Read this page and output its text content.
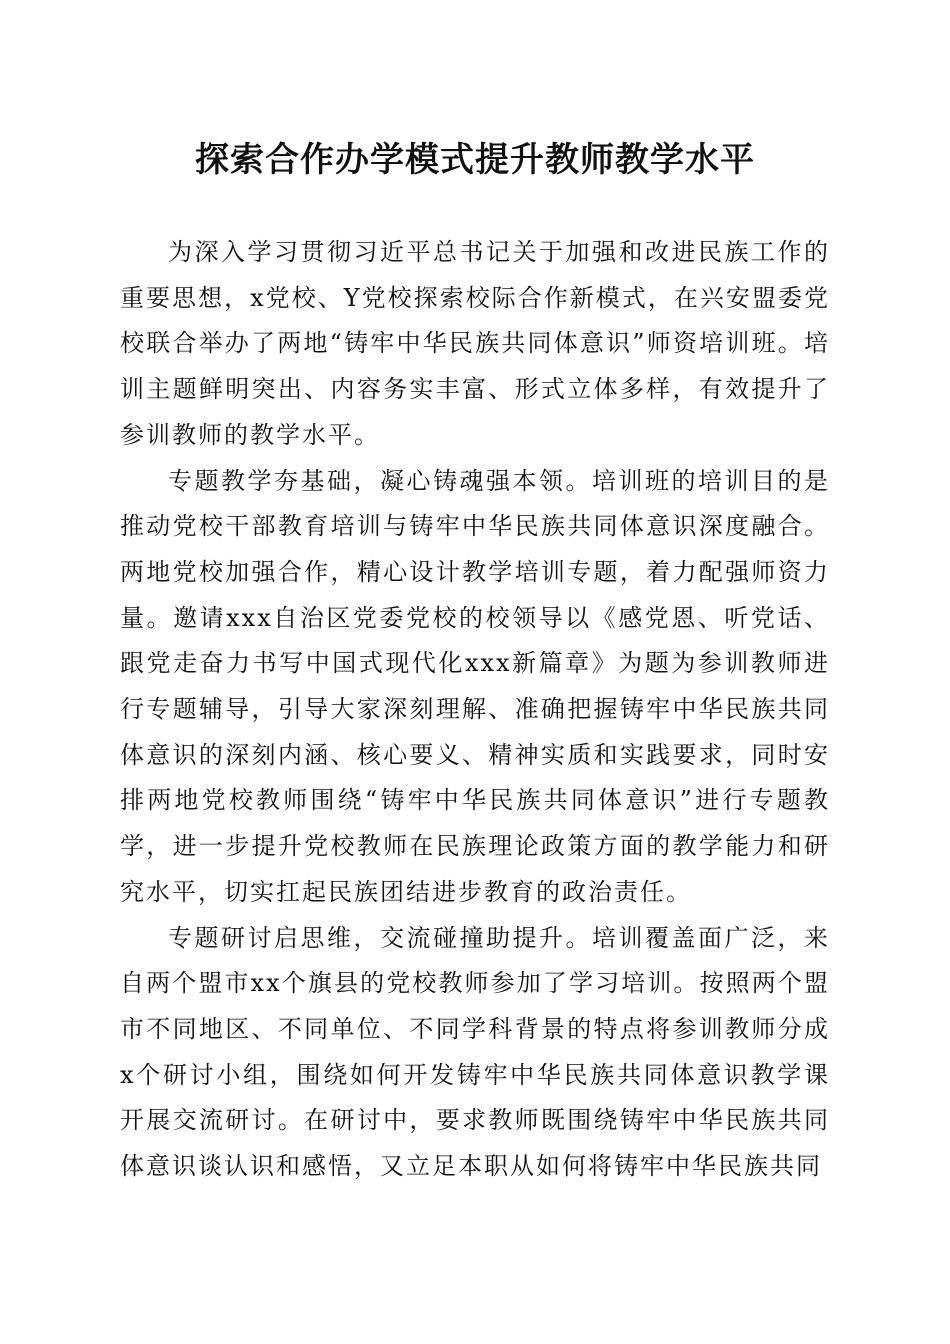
探索合作办学模式提升教师教学水平

为深入学习贯彻习近平总书记关于加强和改进民族工作的重要思想，x党校、Y党校探索校际合作新模式，在兴安盟委党校联合举办了两地“铸牢中华民族共同体意识”师资培训班。培训主题鲜明突出、内容务实丰富、形式立体多样，有效提升了参训教师的教学水平。

专题教学夯基础，凝心铸魂强本领。培训班的培训目的是推动党校干部教育培训与铸牢中华民族共同体意识深度融合。两地党校加强合作，精心设计教学培训专题，着力配强师资力量。邀请xxx自治区党委党校的校领导以《感党恩、听党话、跟党走奋力书写中国式现代化xxx新篇章》为题为参训教师进行专题辅导，引导大家深刻理解、准确把握铸牢中华民族共同体意识的深刻内涵、核心要义、精神实质和实践要求，同时安排两地党校教师围绕“铸牢中华民族共同体意识”进行专题教学，进一步提升党校教师在民族理论政策方面的教学能力和研究水平，切实扛起民族团结进步教育的政治责任。

专题研讨启思维，交流碰撞助提升。培训覆盖面广泛，来自两个盟市xx个旗县的党校教师参加了学习培训。按照两个盟市不同地区、不同单位、不同学科背景的特点将参训教师分成x个研讨小组，围绕如何开发铸牢中华民族共同体意识教学课开展交流研讨。在研讨中，要求教师既围绕铸牢中华民族共同体意识谈认识和感悟，又立足本职从如何将铸牢中华民族共同
